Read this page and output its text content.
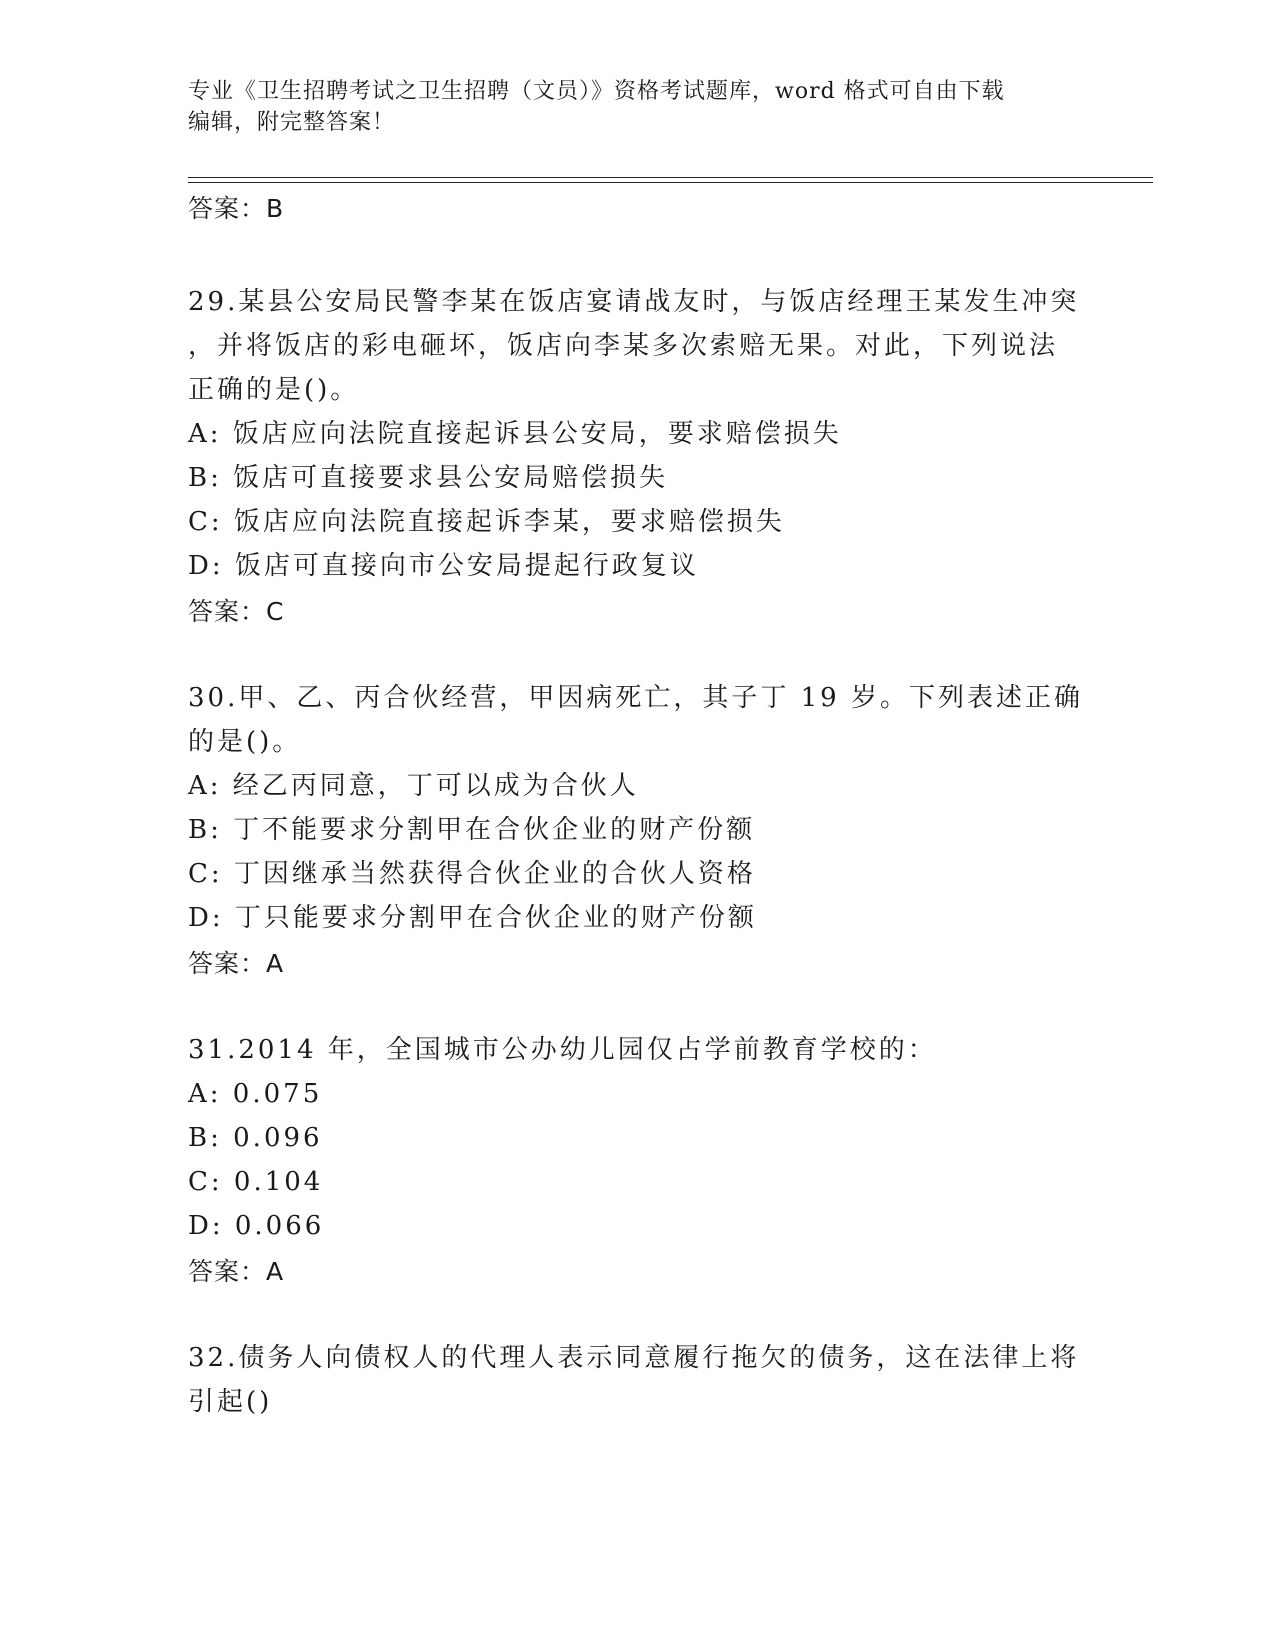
专业《卫生招聘考试之卫生招聘（文员）》资格考试题库，word 格式可自由下载
编辑，附完整答案！
答案：B
29.某县公安局民警李某在饭店宴请战友时，与饭店经理王某发生冲突
，并将饭店的彩电砸坏，饭店向李某多次索赔无果。对此，下列说法
正确的是()。
A: 饭店应向法院直接起诉县公安局，要求赔偿损失
B: 饭店可直接要求县公安局赔偿损失
C: 饭店应向法院直接起诉李某，要求赔偿损失
D: 饭店可直接向市公安局提起行政复议
答案：C
30.甲、乙、丙合伙经营，甲因病死亡，其子丁 19 岁。下列表述正确
的是()。
A: 经乙丙同意，丁可以成为合伙人
B: 丁不能要求分割甲在合伙企业的财产份额
C: 丁因继承当然获得合伙企业的合伙人资格
D: 丁只能要求分割甲在合伙企业的财产份额
答案：A
31.2014 年，全国城市公办幼儿园仅占学前教育学校的：
A: 0.075
B: 0.096
C: 0.104
D: 0.066
答案：A
32.债务人向债权人的代理人表示同意履行拖欠的债务，这在法律上将
引起()
